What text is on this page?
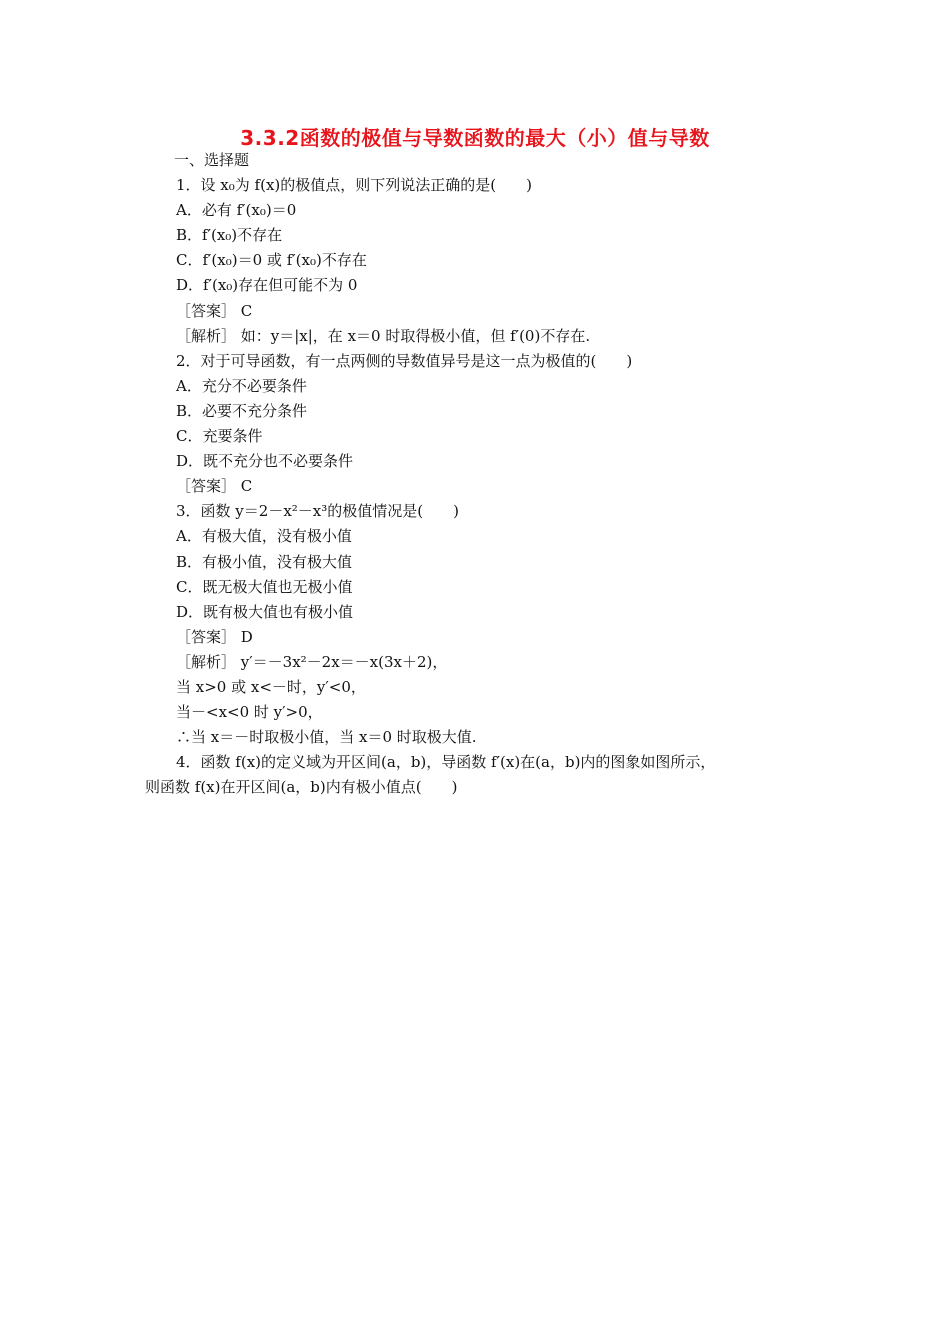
3.3.2函数的极值与导数函数的最大（小）值与导数
一、选择题
1．设 x₀为 f(x)的极值点，则下列说法正确的是(　　)
A．必有 f′(x₀)＝0
B．f′(x₀)不存在
C．f′(x₀)＝0 或 f′(x₀)不存在
D．f′(x₀)存在但可能不为 0
［答案］ C
［解析］ 如：y＝|x|，在 x＝0 时取得极小值，但 f′(0)不存在.
2．对于可导函数，有一点两侧的导数值异号是这一点为极值的(　　)
A．充分不必要条件
B．必要不充分条件
C．充要条件
D．既不充分也不必要条件
［答案］ C
3．函数 y＝2－x²－x³的极值情况是(　　)
A．有极大值，没有极小值
B．有极小值，没有极大值
C．既无极大值也无极小值
D．既有极大值也有极小值
［答案］ D
［解析］ y′＝－3x²－2x＝－x(3x＋2)，
当 x>0 或 x<－时，y′<0，
当－<x<0 时 y′>0，
∴当 x＝－时取极小值，当 x＝0 时取极大值.
4．函数 f(x)的定义域为开区间(a，b)，导函数 f′(x)在(a，b)内的图象如图所示，
则函数 f(x)在开区间(a，b)内有极小值点(　　)
